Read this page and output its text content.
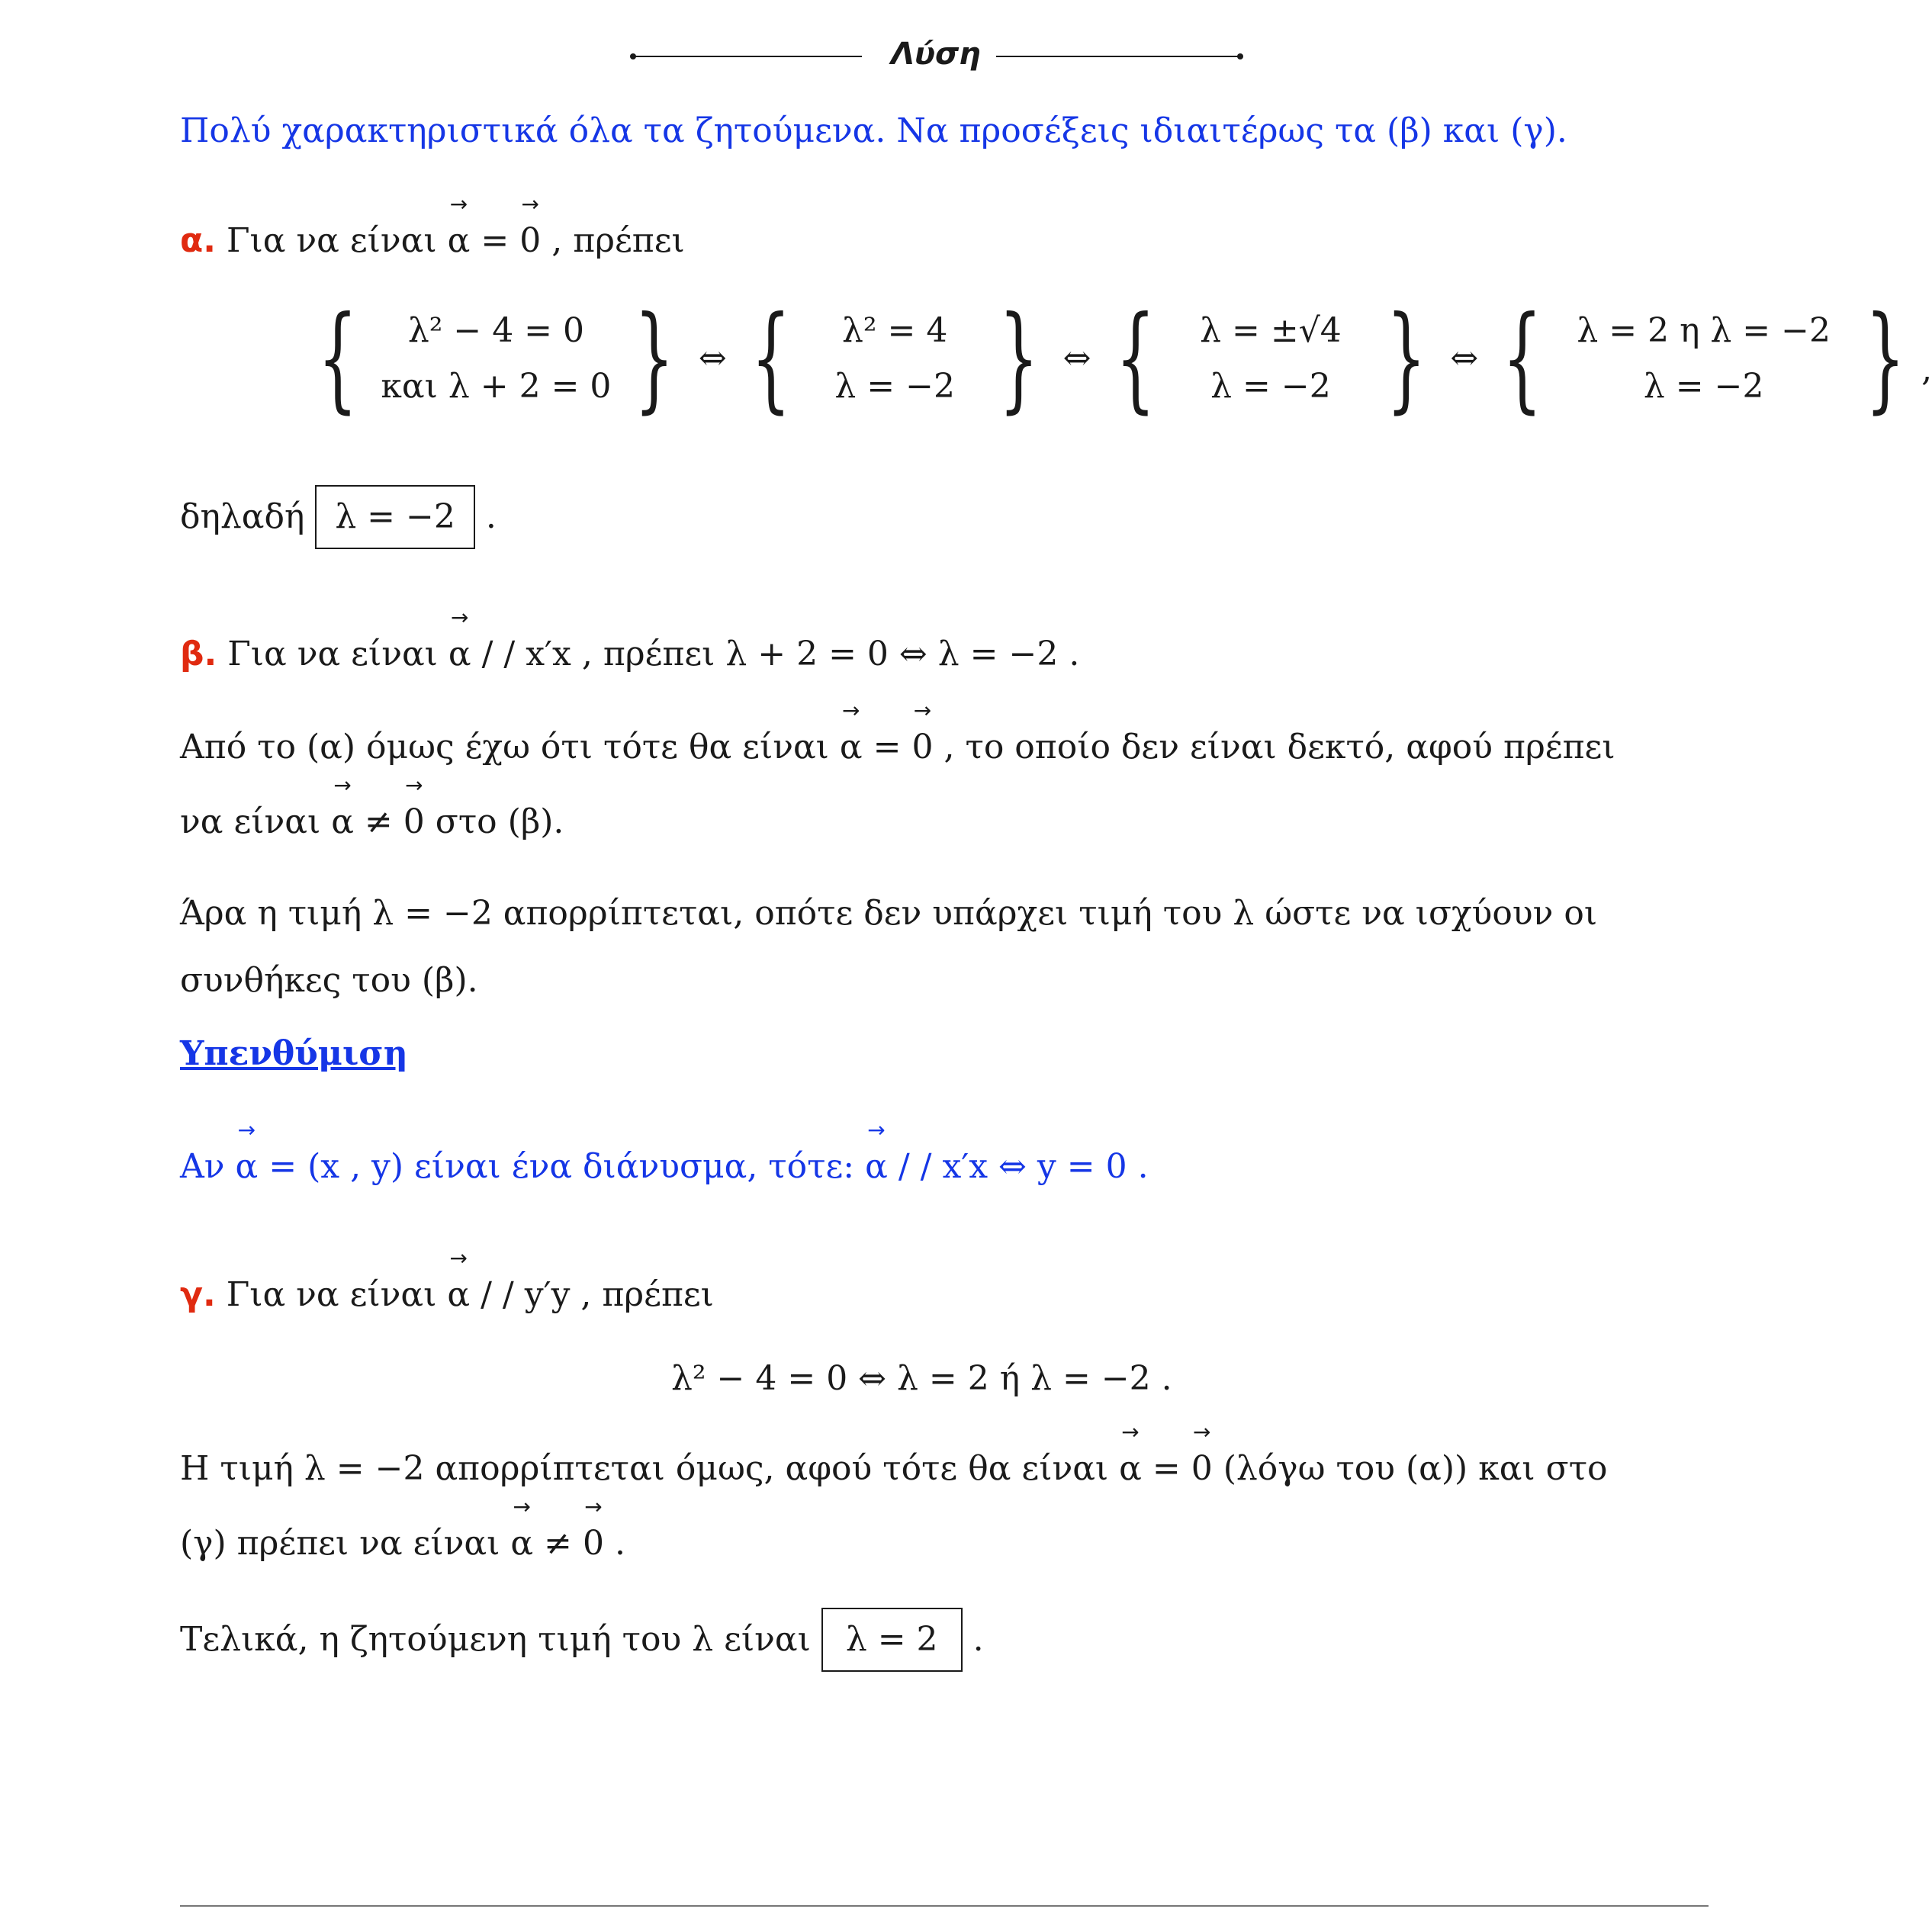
Λύση
Πολύ χαρακτηριστικά όλα τα ζητούμενα. Να προσέξεις ιδιαιτέρως τα (β) και (γ).
α. Για να είναι → α = → 0 , πρέπει
{ λ² − 4 = 0
και λ + 2 = 0 } ⇔ { λ² = 4
λ = −2 } ⇔ { λ = ±√4
λ = −2 } ⇔ { λ = 2 η λ = −2
λ = −2 } ,
δηλαδή λ = −2 .
β. Για να είναι → α / / x′x , πρέπει λ + 2 = 0 ⇔ λ = −2 .
Από το (α) όμως έχω ότι τότε θα είναι → α = → 0 , το οποίο δεν είναι δεκτό, αφού πρέπει
να είναι → α ≠ → 0 στο (β).
Άρα η τιμή λ = −2 απορρίπτεται, οπότε δεν υπάρχει τιμή του λ ώστε να ισχύουν οι
συνθήκες του (β).
Υπενθύμιση
Αν → α = (x , y) είναι ένα διάνυσμα, τότε: → α / / x′x ⇔ y = 0 .
γ. Για να είναι → α / / y′y , πρέπει
λ² − 4 = 0 ⇔ λ = 2 ή λ = −2 .
Η τιμή λ = −2 απορρίπτεται όμως, αφού τότε θα είναι → α = → 0 (λόγω του (α)) και στο
(γ) πρέπει να είναι → α ≠ → 0 .
Τελικά, η ζητούμενη τιμή του λ είναι λ = 2 .
